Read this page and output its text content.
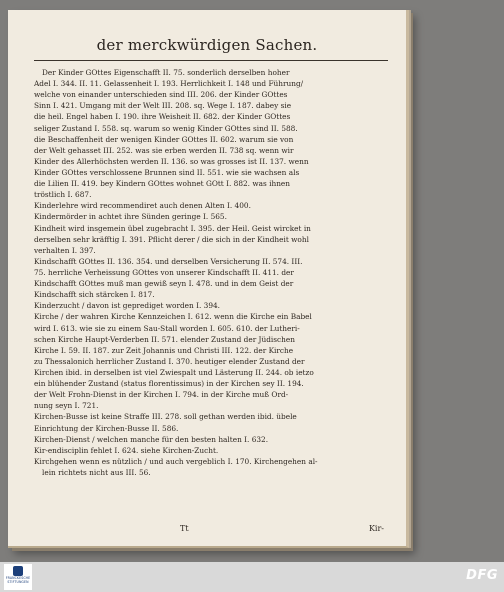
der merckwürdigen Sachen.
Der Kinder GOttes Eigenschafft II. 75. sonderlich derselben hoher
Adel I. 344. II. 11. Gelassenheit I. 193. Herrlichkeit I. 148 und Führung/
welche von einander unterschieden sind III. 206. der Kinder GOttes
Sinn I. 421. Umgang mit der Welt III. 208. sq. Wege I. 187. dabey sie
die heil. Engel haben I. 190. ihre Weisheit II. 682. der Kinder GOttes
seliger Zustand I. 558. sq. warum so wenig Kinder GOttes sind II. 588.
die Beschaffenheit der wenigen Kinder GOttes II. 602. warum sie von
der Welt gehasset III. 252. was sie erben werden II. 738 sq. wenn wir
Kinder des Allerhöchsten werden II. 136. so was grosses ist II. 137. wenn
Kinder GOttes verschlossene Brunnen sind II. 551. wie sie wachsen als
die Lilien II. 419. bey Kindern GOttes wohnet GOtt I. 882. was ihnen
tröstlich I. 687.
Kinderlehre wird recommendiret auch denen Alten I. 400.
Kindermörder in achtet ihre Sünden geringe I. 565.
Kindheit wird insgemein übel zugebracht I. 395. der Heil. Geist wircket in
derselben sehr kräfftig I. 391. Pflicht derer / die sich in der Kindheit wohl
verhalten I. 397.
Kindschafft GOttes II. 136. 354. und derselben Versicherung II. 574. III.
75. herrliche Verheissung GOttes von unserer Kindschafft II. 411. der
Kindschafft GOttes muß man gewiß seyn I. 478. und in dem Geist der
Kindschafft sich stärcken I. 817.
Kinderzucht / davon ist geprediget worden I. 394.
Kirche / der wahren Kirche Kennzeichen I. 612. wenn die Kirche ein Babel
wird I. 613. wie sie zu einem Sau-Stall worden I. 605. 610. der Lutheri-
schen Kirche Haupt-Verderben II. 571. elender Zustand der Jüdischen
Kirche I. 59. II. 187. zur Zeit Johannis und Christi III. 122. der Kirche
zu Thessalonich herrlicher Zustand I. 370. heutiger elender Zustand der
Kirchen ibid. in derselben ist viel Zwiespalt und Lästerung II. 244. ob ietzo
ein blühender Zustand (status florentissimus) in der Kirchen sey II. 194.
der Welt Frohn-Dienst in der Kirchen I. 794. in der Kirche muß Ord-
nung seyn I. 721.
Kirchen-Busse ist keine Straffe III. 278. soll gethan werden ibid. übele
Einrichtung der Kirchen-Busse II. 586.
Kirchen-Dienst / welchen manche für den besten halten I. 632.
Kir-endisciplin fehlet I. 624. siehe Kirchen-Zucht.
Kirchgehen wenn es nützlich / und auch vergeblich I. 170. Kirchengehen al-
lein richtets nicht aus III. 56.
Tt	Kir-
FRANCKESCHE
STIFTUNGEN	DFG
